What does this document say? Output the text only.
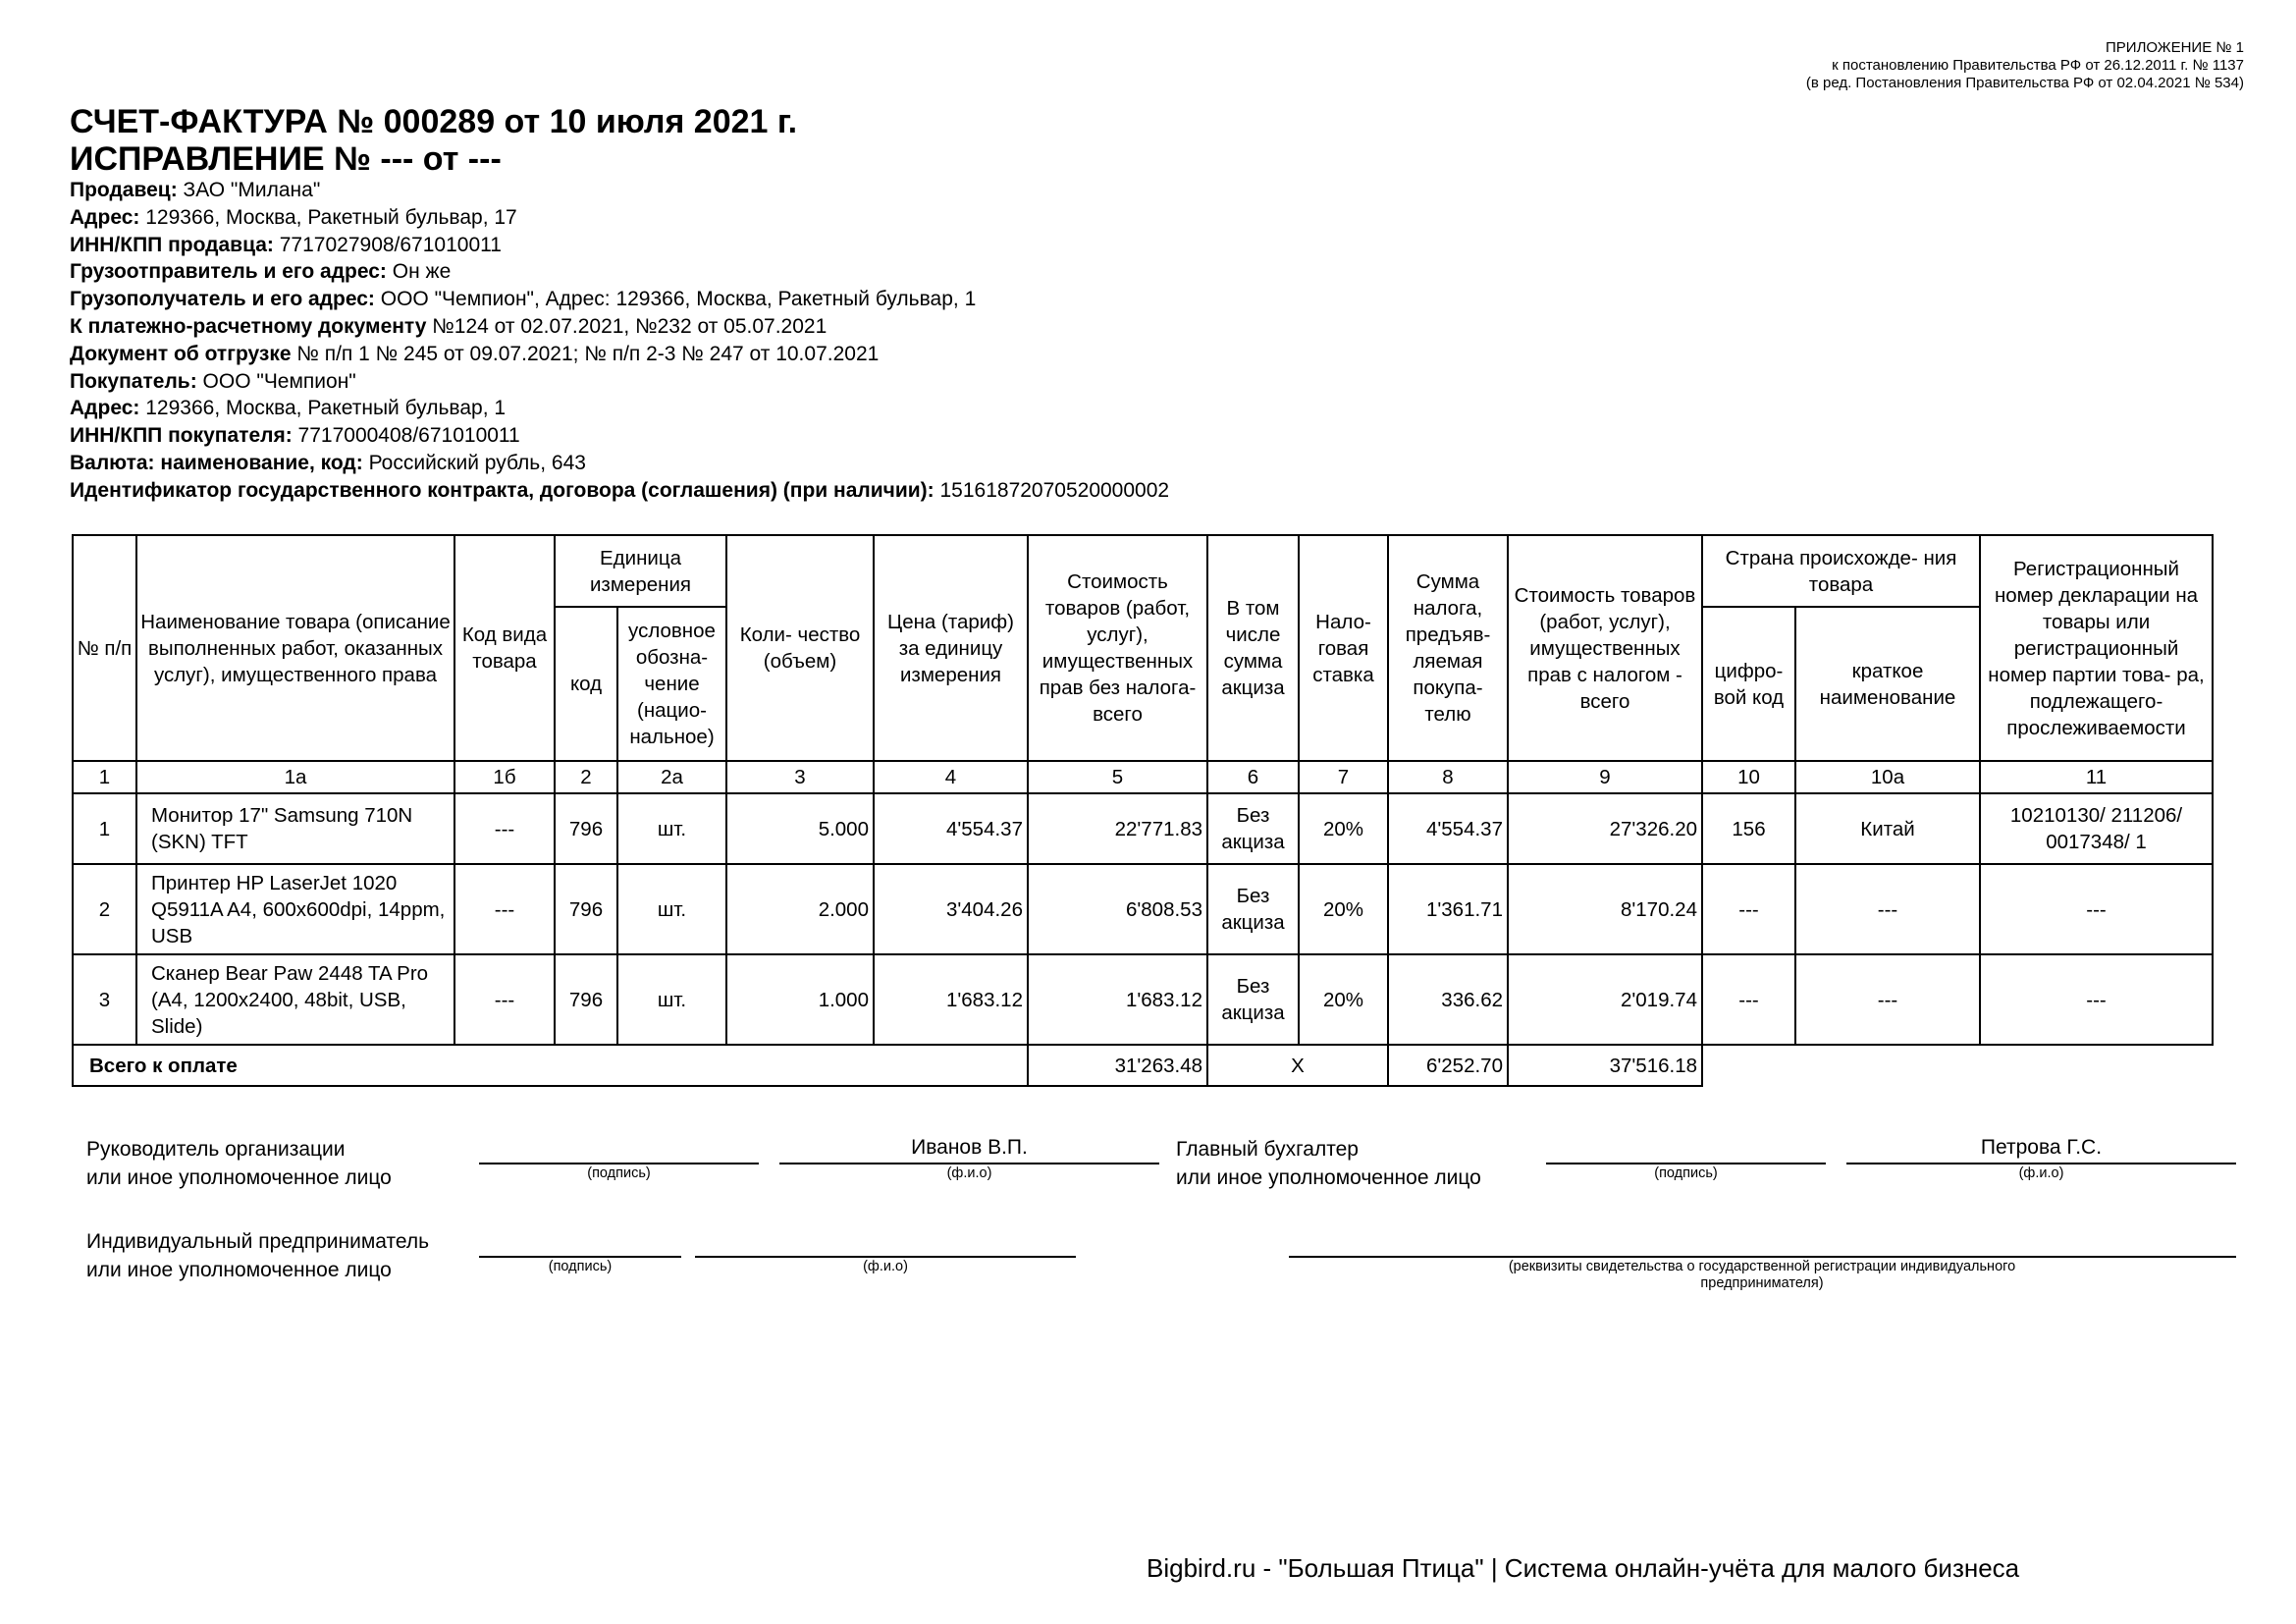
ПРИЛОЖЕНИЕ № 1
к постановлению Правительства РФ от 26.12.2011 г. № 1137
(в ред. Постановления Правительства РФ от 02.04.2021 № 534)
СЧЕТ-ФАКТУРА № 000289 от 10 июля 2021 г.
ИСПРАВЛЕНИЕ № --- от ---
Продавец: ЗАО "Милана"
Адрес: 129366, Москва, Ракетный бульвар, 17
ИНН/КПП продавца: 7717027908/671010011
Грузоотправитель и его адрес: Он же
Грузополучатель и его адрес: ООО "Чемпион", Адрес: 129366, Москва, Ракетный бульвар, 1
К платежно-расчетному документу №124 от 02.07.2021, №232 от 05.07.2021
Документ об отгрузке № п/п 1 № 245 от 09.07.2021; № п/п 2-3 № 247 от 10.07.2021
Покупатель: ООО "Чемпион"
Адрес: 129366, Москва, Ракетный бульвар, 1
ИНН/КПП покупателя: 7717000408/671010011
Валюта: наименование, код: Российский рубль, 643
Идентификатор государственного контракта, договора (соглашения) (при наличии): 15161872070520000002
№ п/п	Наименование товара (описание выполненных работ, оказанных услуг), имущественного права	Код вида товара	Единица измерения		Коли- чество (объем)	Цена (тариф) за единицу измерения	Стоимость товаров (работ, услуг), имущественных прав без налога- всего	В том числе сумма акциза	Нало- говая ставка	Сумма налога, предъяв- ляемая покупа- телю	Стоимость товаров (работ, услуг), имущественных прав с налогом - всего	Страна происхожде- ния товара		Регистрационный номер декларации на товары или регистрационный номер партии това- ра, подлежащего- прослеживаемости
			код	условное обозна- чение (нацио- нальное)								цифро- вой код	краткое наименование	
1	1а	1б	2	2а	3	4	5	6	7	8	9	10	10а	11
1	Монитор 17" Samsung 710N (SKN) TFT	---	796	шт.	5.000	4'554.37	22'771.83	Без акциза	20%	4'554.37	27'326.20	156	Китай	10210130/ 211206/ 0017348/ 1
2	Принтер HP LaserJet 1020 Q5911A A4, 600x600dpi, 14ppm, USB	---	796	шт.	2.000	3'404.26	6'808.53	Без акциза	20%	1'361.71	8'170.24	---	---	---
3	Сканер Bear Paw 2448 TA Pro (A4, 1200x2400, 48bit, USB, Slide)	---	796	шт.	1.000	1'683.12	1'683.12	Без акциза	20%	336.62	2'019.74	---	---	---
Всего к оплате							31'263.48	X		6'252.70	37'516.18			
Руководитель организации
или иное уполномоченное лицо	(подпись)
Иванов В.П.
(ф.и.о)
Главный бухгалтер
или иное уполномоченное лицо	(подпись)
Петрова Г.С.
(ф.и.о)
Индивидуальный предприниматель
или иное уполномоченное лицо	(подпись)	(ф.и.о)	(реквизиты свидетельства о государственной регистрации индивидуального предпринимателя)
Bigbird.ru - "Большая Птица" | Система онлайн-учёта для малого бизнеса
